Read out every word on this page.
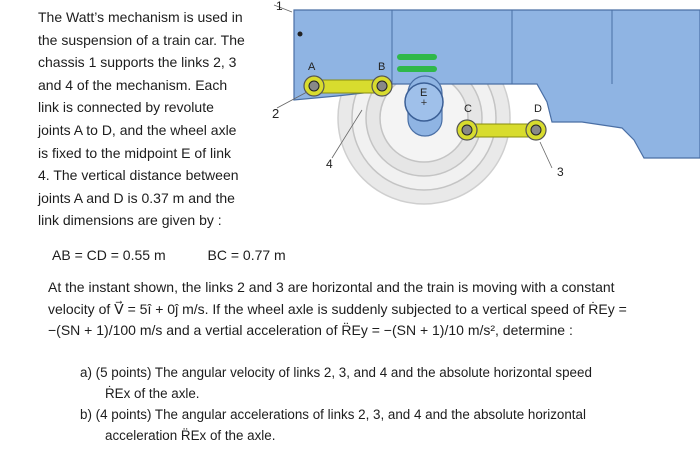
The Watt’s mechanism is used in
the suspension of a train car. The
chassis 1 supports the links 2, 3
and 4 of the mechanism. Each
link is connected by revolute
joints A to D, and the wheel axle
is fixed to the midpoint E of link
4. The vertical distance between
joints A and D is 0.37 m and the
link dimensions are given by :
+
1
2
3
4
A	B
C	D
E
AB = CD = 0.55 m	BC = 0.77 m
At the instant shown, the links 2 and 3 are horizontal and the train is moving with a constant
velocity of V⃗ = 5î + 0ĵ m/s. If the wheel axle is suddenly subjected to a vertical speed of ṘEy =
−(SN + 1)/100 m/s and a vertial acceleration of R̈Ey = −(SN + 1)/10 m/s², determine :
a) (5 points) The angular velocity of links 2, 3, and 4 and the absolute horizontal speed
ṘEx of the axle.
b) (4 points) The angular accelerations of links 2, 3, and 4 and the absolute horizontal
acceleration R̈Ex of the axle.
